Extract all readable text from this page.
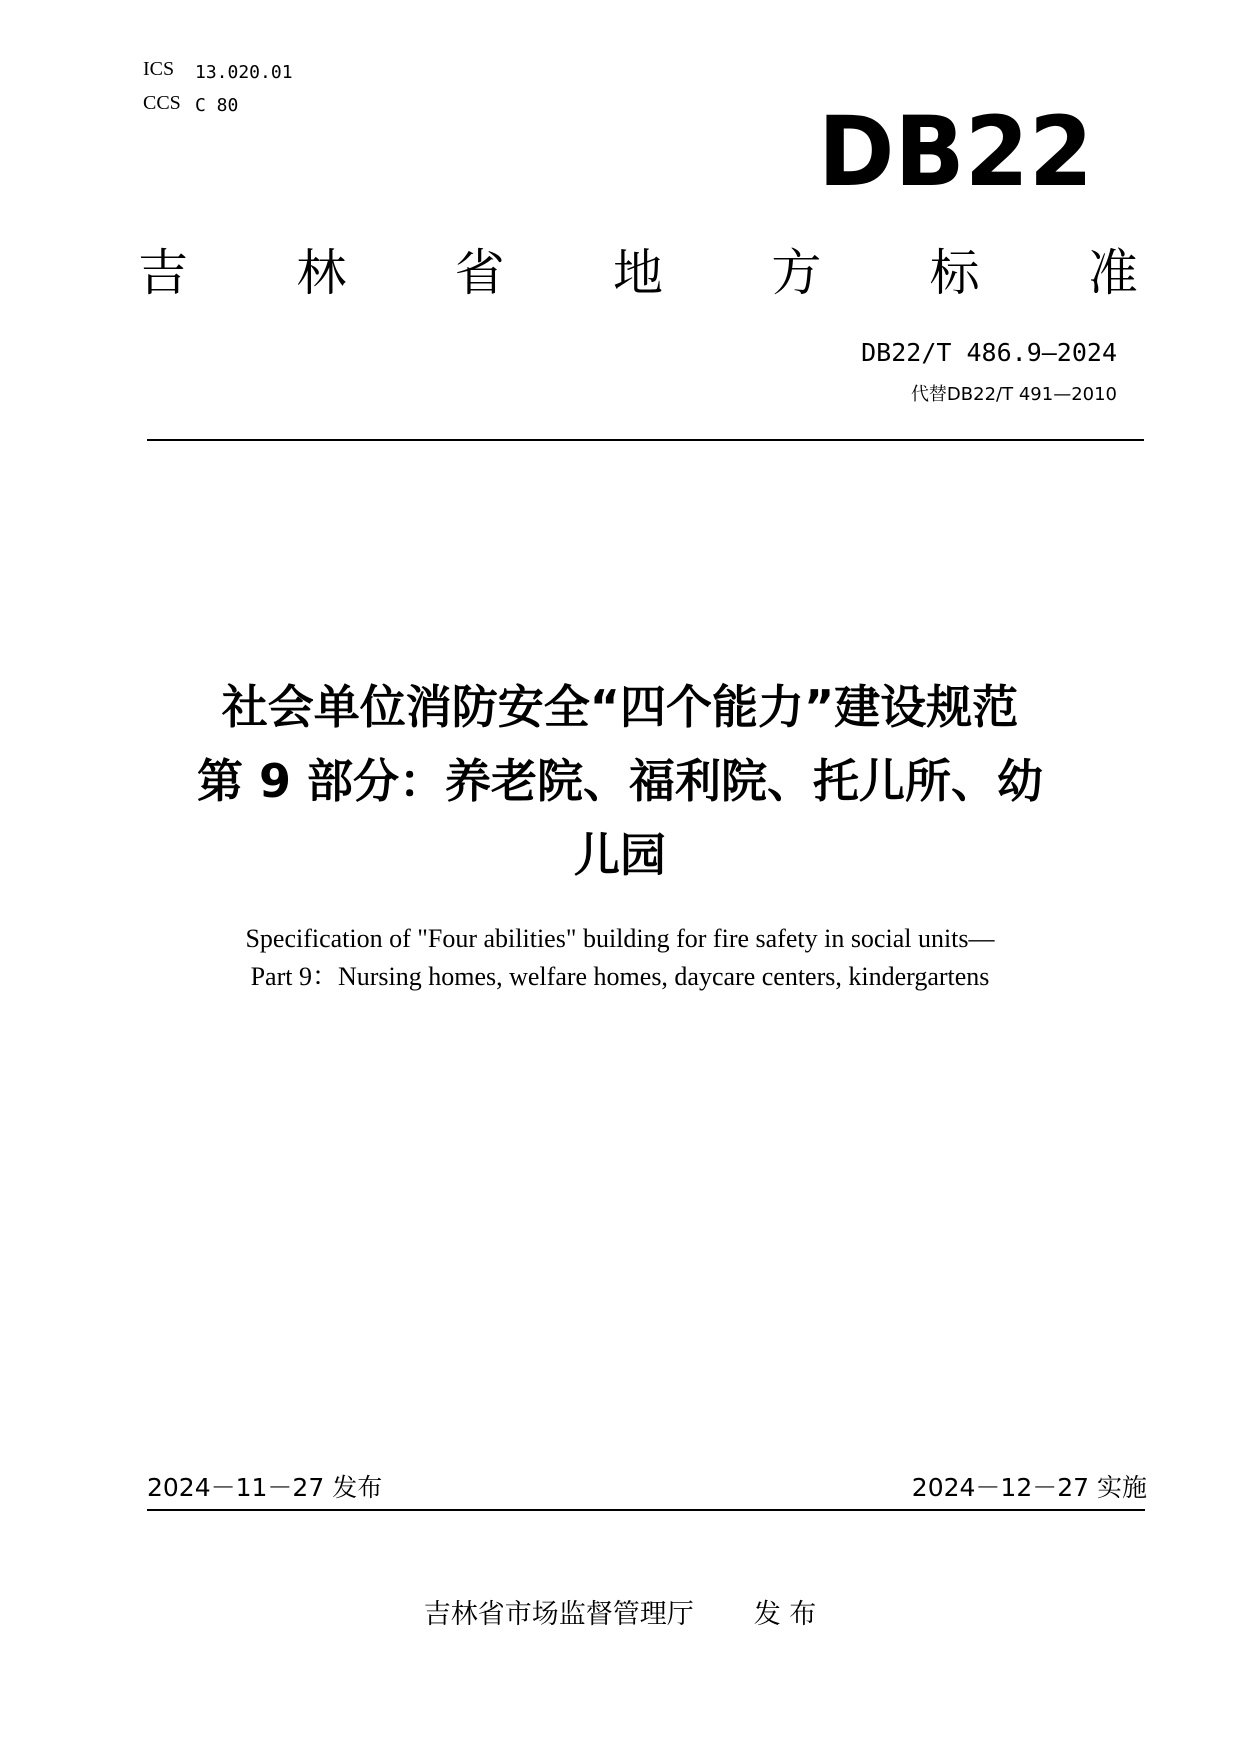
ICS 13.020.01
CCS C 80	DB22
吉 林 省 地 方 标 准
DB22/T 486.9—2024
代替DB22/T 491—2010
社会单位消防安全“四个能力”建设规范
第 9 部分：养老院、福利院、托儿所、幼
儿园
Specification of "Four abilities" building for fire safety in social units—
Part 9：Nursing homes, welfare homes, daycare centers, kindergartens
2024－11－27 发布	2024－12－27 实施
吉林省市场监督管理厅 发 布
